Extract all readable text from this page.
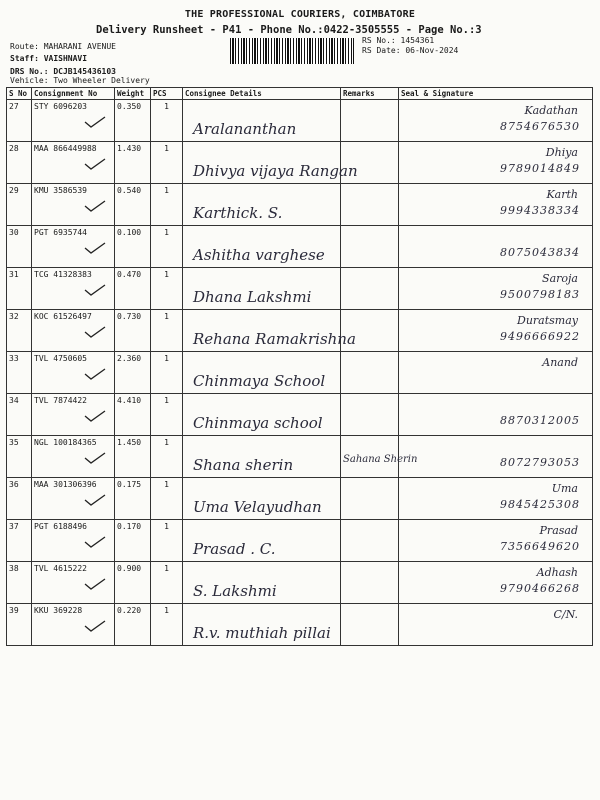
THE PROFESSIONAL COURIERS, COIMBATORE
Delivery Runsheet - P41 - Phone No.:0422-3505555 - Page No.:3
Route: MAHARANI AVENUE
Staff: VAISHNAVI
DRS No.: DCJB145436103
Vehicle: Two Wheeler Delivery
RS No.: 1454361
RS Date: 06-Nov-2024
S No	Consignment No	Weight	PCS	Consignee Details	Remarks	Seal & Signature
27	STY 6096203	0.350	1	Aralananthan		Kadathan
8754676530

28	MAA 866449988	1.430	1	Dhivya vijaya Rangan		Dhiya
9789014849

29	KMU 3586539	0.540	1	Karthick. S.		Karth
9994338334

30	PGT 6935744	0.100	1	Ashitha varghese		8075043834

31	TCG 41328383	0.470	1	Dhana Lakshmi		Saroja
9500798183

32	KOC 61526497	0.730	1	Rehana Ramakrishna		Duratsmay
9496666922

33	TVL 4750605	2.360	1	Chinmaya School		Anand

34	TVL 7874422	4.410	1	Chinmaya school		8870312005

35	NGL 100184365	1.450	1	Shana sherin	Sahana Sherin	8072793053

36	MAA 301306396	0.175	1	Uma Velayudhan		Uma
9845425308

37	PGT 6188496	0.170	1	Prasad . C.		Prasad
7356649620

38	TVL 4615222	0.900	1	S. Lakshmi		Adhash
9790466268

39	KKU 369228	0.220	1	R.v. muthiah pillai		C/N.
